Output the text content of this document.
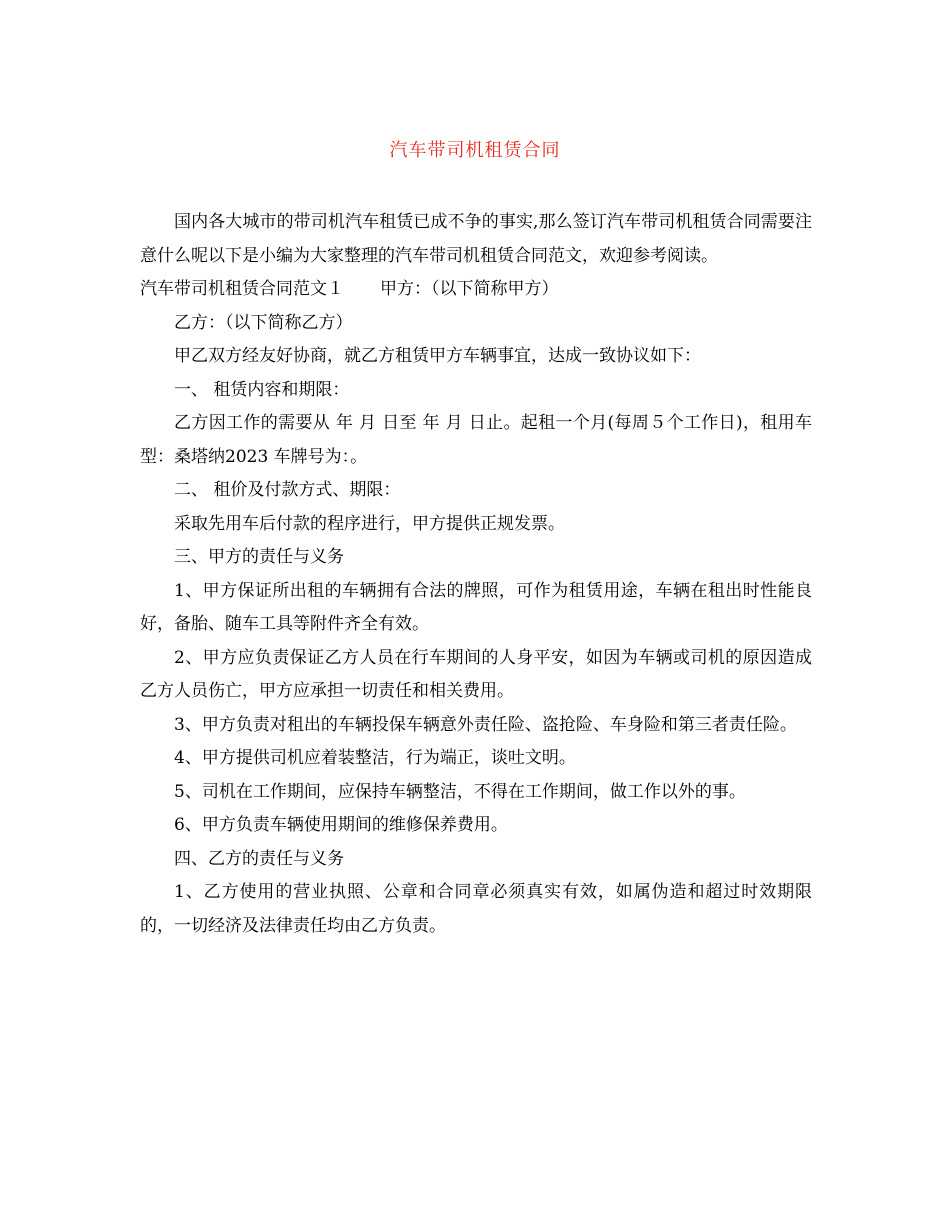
汽车带司机租赁合同

国内各大城市的带司机汽车租赁已成不争的事实,那么签订汽车带司机租赁合同需要注意什么呢以下是小编为大家整理的汽车带司机租赁合同范文，欢迎参考阅读。

汽车带司机租赁合同范文１ 甲方：（以下简称甲方）

乙方：（以下简称乙方）

甲乙双方经友好协商，就乙方租赁甲方车辆事宜，达成一致协议如下：

一、 租赁内容和期限：

乙方因工作的需要从 年 月 日至 年 月 日止。起租一个月(每周５个工作日)，租用车型：桑塔纳2023 车牌号为：。

二、 租价及付款方式、期限：

采取先用车后付款的程序进行，甲方提供正规发票。

三、甲方的责任与义务

1、甲方保证所出租的车辆拥有合法的牌照，可作为租赁用途，车辆在租出时性能良好，备胎、随车工具等附件齐全有效。

2、甲方应负责保证乙方人员在行车期间的人身平安，如因为车辆或司机的原因造成乙方人员伤亡，甲方应承担一切责任和相关费用。

3、甲方负责对租出的车辆投保车辆意外责任险、盗抢险、车身险和第三者责任险。

4、甲方提供司机应着装整洁，行为端正，谈吐文明。

5、司机在工作期间，应保持车辆整洁，不得在工作期间，做工作以外的事。

6、甲方负责车辆使用期间的维修保养费用。

四、乙方的责任与义务

1、乙方使用的营业执照、公章和合同章必须真实有效，如属伪造和超过时效期限的，一切经济及法律责任均由乙方负责。
